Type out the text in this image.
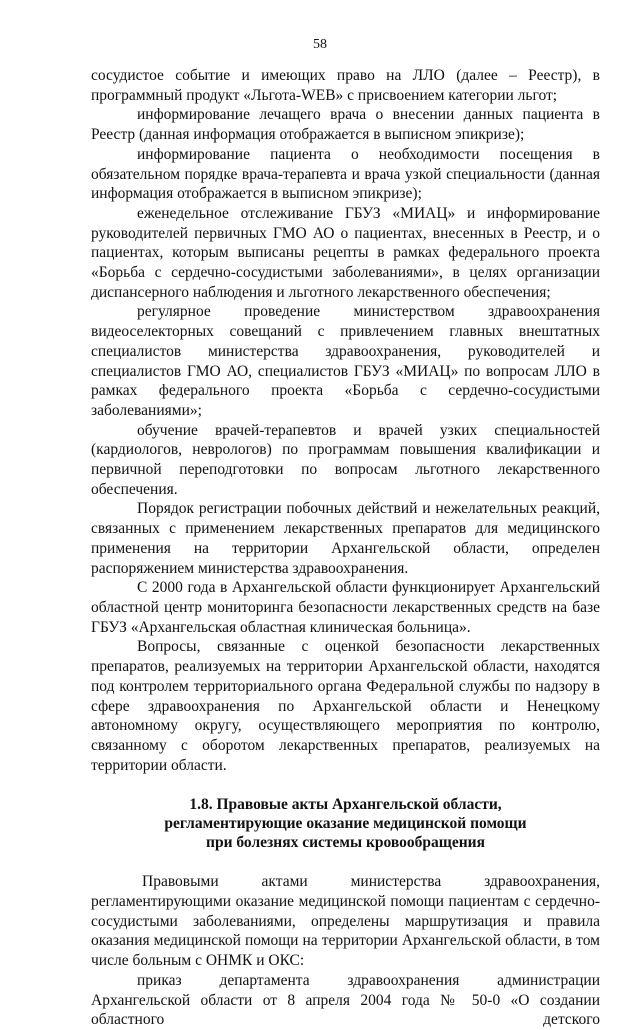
58

сосудистое событие и имеющих право на ЛЛО (далее – Реестр), в программный продукт «Льгота-WEB» с присвоением категории льгот;

информирование лечащего врача о внесении данных пациента в Реестр (данная информация отображается в выписном эпикризе);

информирование пациента о необходимости посещения в обязательном порядке врача-терапевта и врача узкой специальности (данная информация отображается в выписном эпикризе);

еженедельное отслеживание ГБУЗ «МИАЦ» и информирование руководителей первичных ГМО АО о пациентах, внесенных в Реестр, и о пациентах, которым выписаны рецепты в рамках федерального проекта «Борьба с сердечно-сосудистыми заболеваниями», в целях организации диспансерного наблюдения и льготного лекарственного обеспечения;

регулярное проведение министерством здравоохранения видеоселекторных совещаний с привлечением главных внештатных специалистов министерства здравоохранения, руководителей и специалистов ГМО АО, специалистов ГБУЗ «МИАЦ» по вопросам ЛЛО в рамках федерального проекта «Борьба с сердечно-сосудистыми заболеваниями»;

обучение врачей-терапевтов и врачей узких специальностей (кардиологов, неврологов) по программам повышения квалификации и первичной переподготовки по вопросам льготного лекарственного обеспечения.

Порядок регистрации побочных действий и нежелательных реакций, связанных с применением лекарственных препаратов для медицинского применения на территории Архангельской области, определен распоряжением министерства здравоохранения.

С 2000 года в Архангельской области функционирует Архангельский областной центр мониторинга безопасности лекарственных средств на базе ГБУЗ «Архангельская областная клиническая больница».

Вопросы, связанные с оценкой безопасности лекарственных препаратов, реализуемых на территории Архангельской области, находятся под контролем территориального органа Федеральной службы по надзору в сфере здравоохранения по Архангельской области и Ненецкому автономному округу, осуществляющего мероприятия по контролю, связанному с оборотом лекарственных препаратов, реализуемых на территории области.

1.8. Правовые акты Архангельской области,
регламентирующие оказание медицинской помощи
при болезнях системы кровообращения

Правовыми актами министерства здравоохранения, регламентирующими оказание медицинской помощи пациентам с сердечно-сосудистыми заболеваниями, определены маршрутизация и правила оказания медицинской помощи на территории Архангельской области, в том числе больным с ОНМК и ОКС:

приказ департамента здравоохранения администрации Архангельской области от 8 апреля 2004 года № 50-0 «О создании областного детского
